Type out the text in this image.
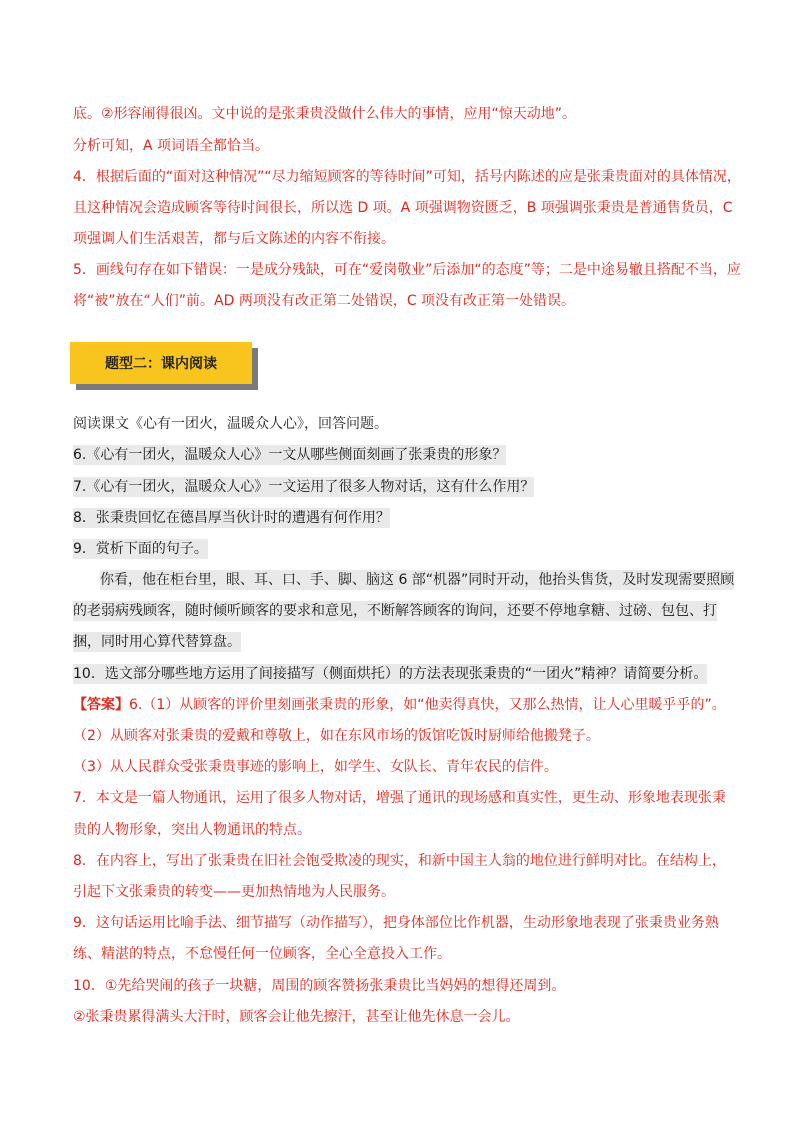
底。②形容闹得很凶。文中说的是张秉贵没做什么伟大的事情，应用“惊天动地”。
分析可知，A 项词语全都恰当。
4．根据后面的“面对这种情况”“尽力缩短顾客的等待时间”可知，括号内陈述的应是张秉贵面对的具体情况，
且这种情况会造成顾客等待时间很长，所以选 D 项。A 项强调物资匮乏，B 项强调张秉贵是普通售货员，C
项强调人们生活艰苦，都与后文陈述的内容不衔接。
5．画线句存在如下错误：一是成分残缺，可在“爱岗敬业”后添加“的态度”等；二是中途易辙且搭配不当，应
将“被”放在“人们”前。AD 两项没有改正第二处错误，C 项没有改正第一处错误。
题型二：课内阅读
阅读课文《心有一团火，温暖众人心》，回答问题。
6.《心有一团火，温暖众人心》一文从哪些侧面刻画了张秉贵的形象？
7.《心有一团火，温暖众人心》一文运用了很多人物对话，这有什么作用？
8．张秉贵回忆在德昌厚当伙计时的遭遇有何作用？
9．赏析下面的句子。
你看，他在柜台里，眼、耳、口、手、脚、脑这 6 部“机器”同时开动，他抬头售货，及时发现需要照顾
的老弱病残顾客，随时倾听顾客的要求和意见，不断解答顾客的询问，还要不停地拿糖、过磅、包包、打
捆，同时用心算代替算盘。
10．选文部分哪些地方运用了间接描写（侧面烘托）的方法表现张秉贵的“一团火”精神？请简要分析。
【答案】6.（1）从顾客的评价里刻画张秉贵的形象，如“他卖得真快，又那么热情，让人心里暖乎乎的”。
（2）从顾客对张秉贵的爱戴和尊敬上，如在东风市场的饭馆吃饭时厨师给他搬凳子。
（3）从人民群众受张秉贵事迹的影响上，如学生、女队长、青年农民的信件。
7．本文是一篇人物通讯，运用了很多人物对话，增强了通讯的现场感和真实性，更生动、形象地表现张秉
贵的人物形象，突出人物通讯的特点。
8．在内容上，写出了张秉贵在旧社会饱受欺凌的现实，和新中国主人翁的地位进行鲜明对比。在结构上，
引起下文张秉贵的转变——更加热情地为人民服务。
9．这句话运用比喻手法、细节描写（动作描写），把身体部位比作机器，生动形象地表现了张秉贵业务熟
练、精湛的特点，不怠慢任何一位顾客，全心全意投入工作。
10．①先给哭闹的孩子一块糖，周围的顾客赞扬张秉贵比当妈妈的想得还周到。
②张秉贵累得满头大汗时，顾客会让他先擦汗，甚至让他先休息一会儿。
